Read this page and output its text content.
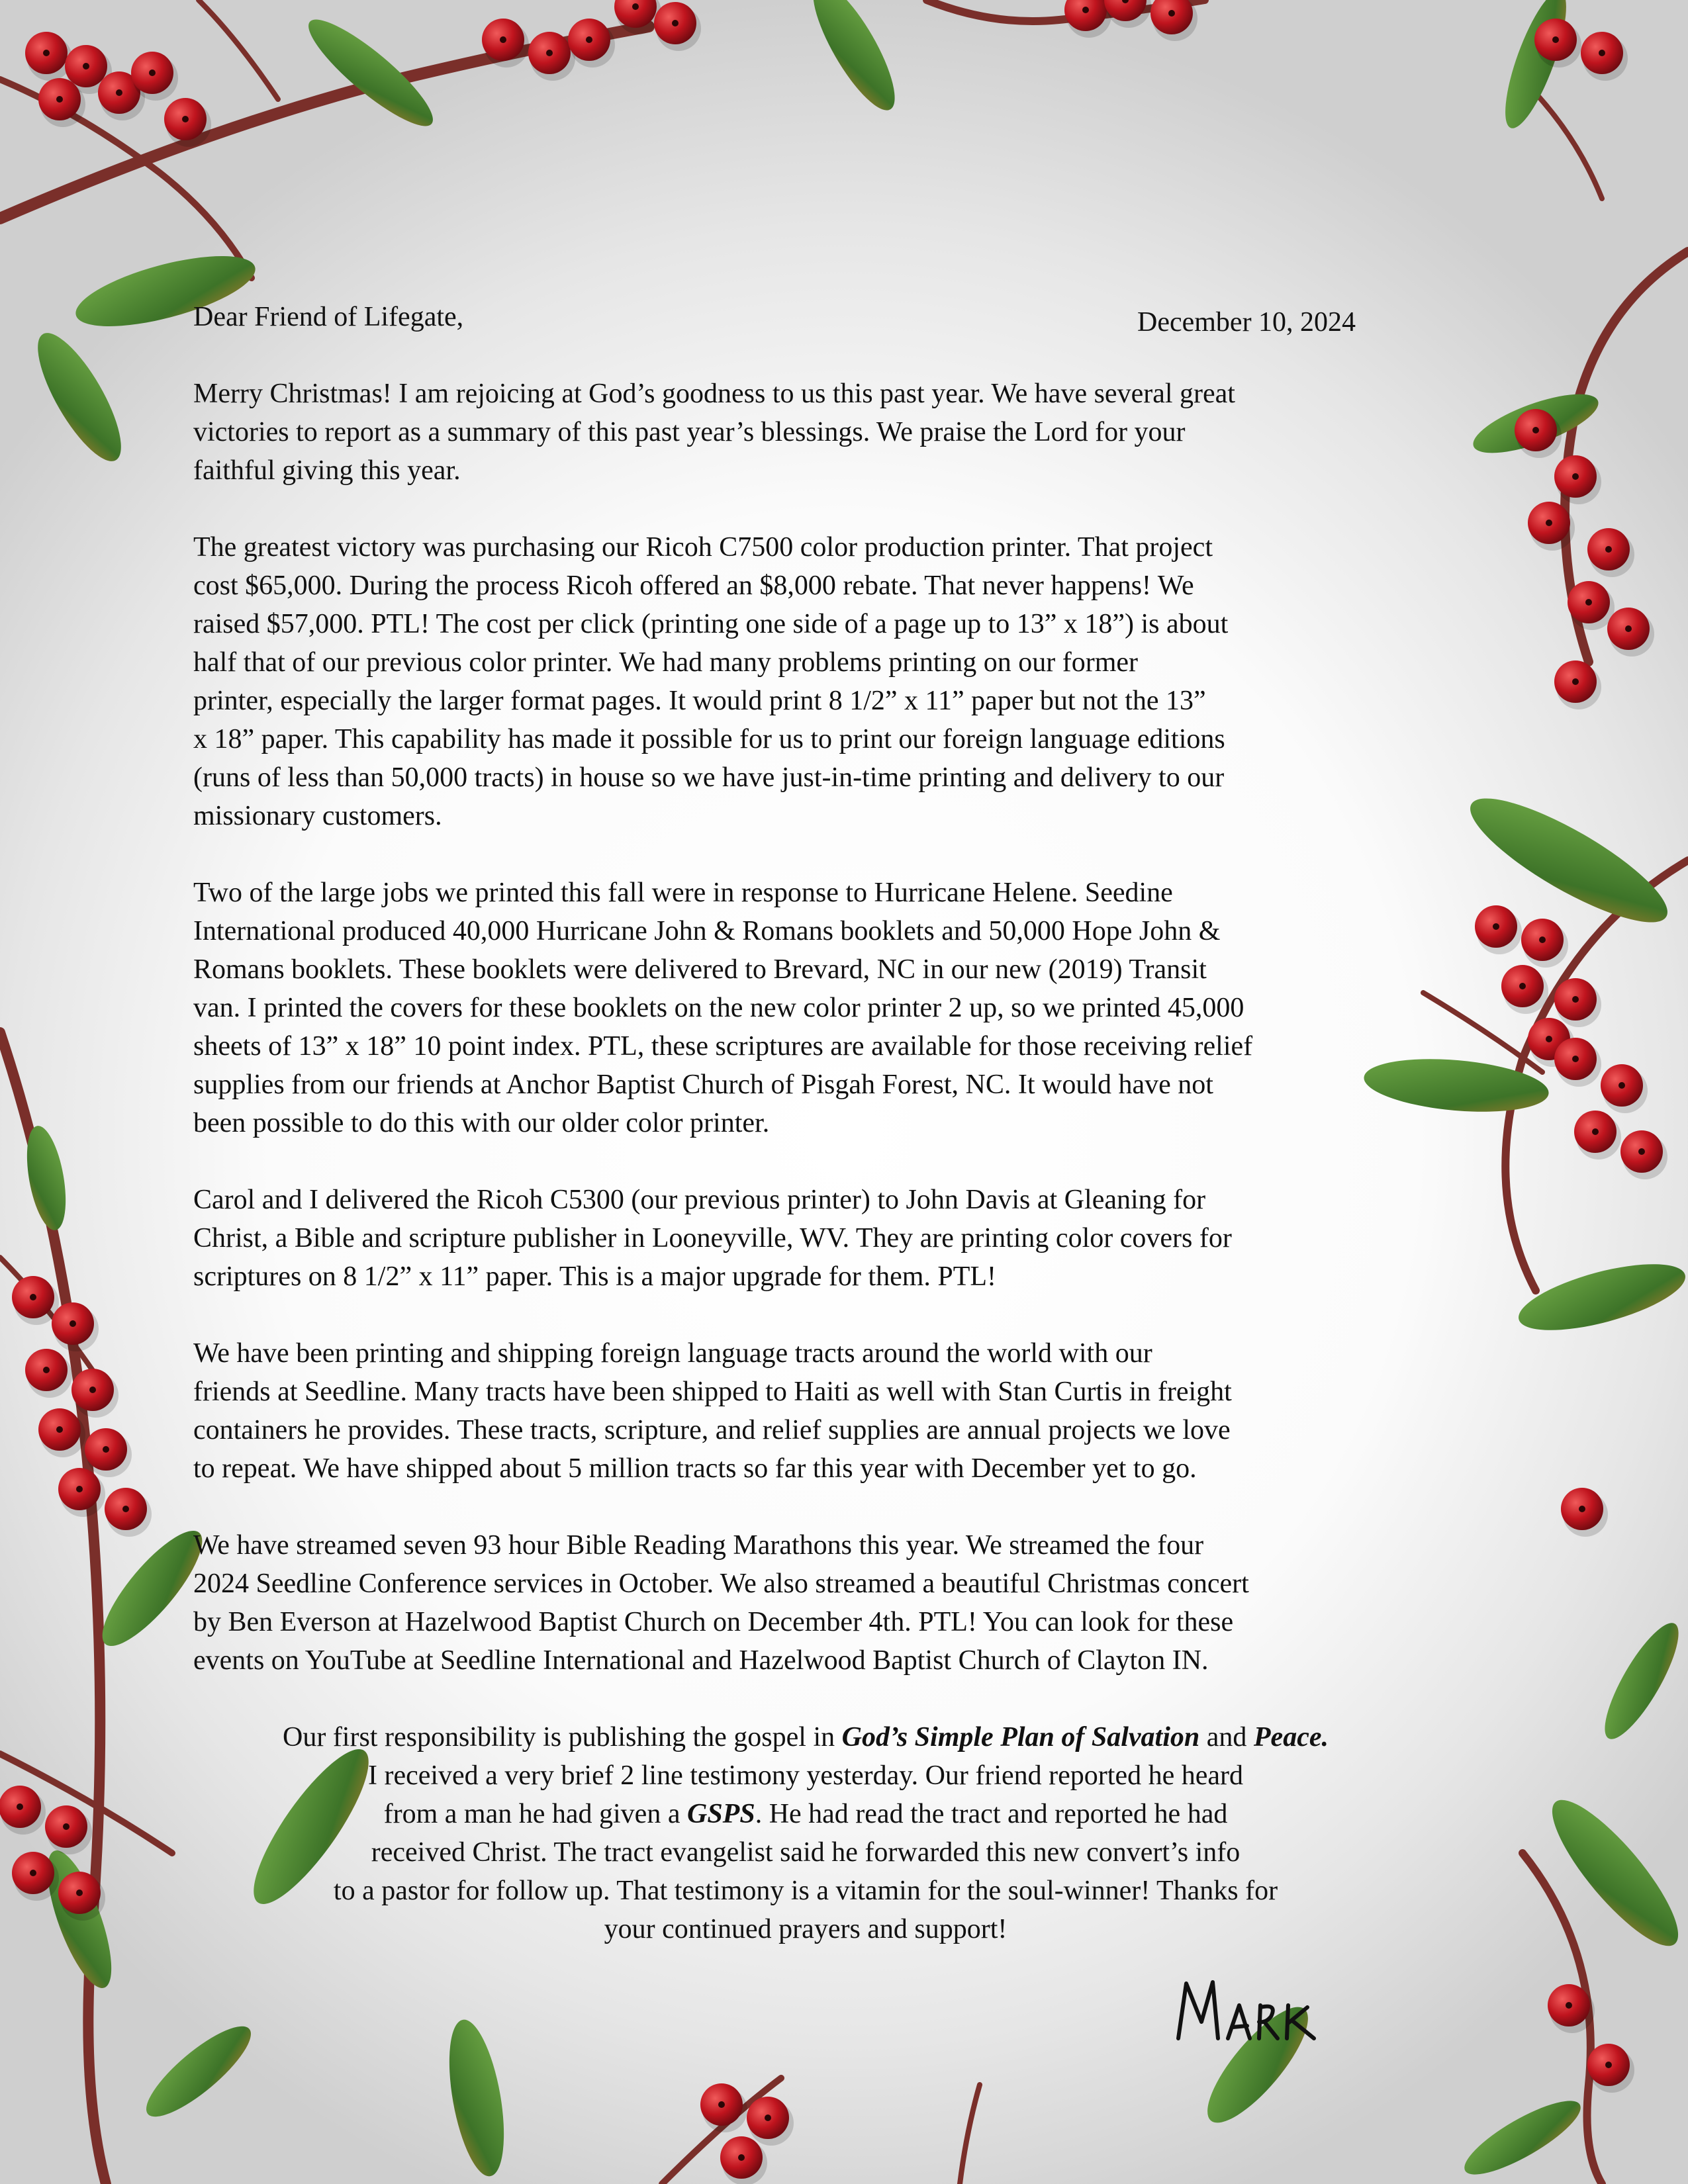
December 10, 2024

Dear Friend of Lifegate,

Merry Christmas! I am rejoicing at God’s goodness to us this past year. We have several great
victories to report as a summary of this past year’s blessings. We praise the Lord for your
faithful giving this year.

The greatest victory was purchasing our Ricoh C7500 color production printer. That project
cost $65,000. During the process Ricoh offered an $8,000 rebate. That never happens! We
raised $57,000. PTL! The cost per click (printing one side of a page up to 13” x 18”) is about
half that of our previous color printer. We had many problems printing on our former
printer, especially the larger format pages. It would print 8 1/2” x 11” paper but not the 13”
x 18” paper. This capability has made it possible for us to print our foreign language editions
(runs of less than 50,000 tracts) in house so we have just-in-time printing and delivery to our
missionary customers.

Two of the large jobs we printed this fall were in response to Hurricane Helene. Seedine
International produced 40,000 Hurricane John & Romans booklets and 50,000 Hope John &
Romans booklets. These booklets were delivered to Brevard, NC in our new (2019) Transit
van. I printed the covers for these booklets on the new color printer 2 up, so we printed 45,000
sheets of 13” x 18” 10 point index. PTL, these scriptures are available for those receiving relief
supplies from our friends at Anchor Baptist Church of Pisgah Forest, NC. It would have not
been possible to do this with our older color printer.

Carol and I delivered the Ricoh C5300 (our previous printer) to John Davis at Gleaning for
Christ, a Bible and scripture publisher in Looneyville, WV. They are printing color covers for
scriptures on 8 1/2” x 11” paper. This is a major upgrade for them. PTL!

We have been printing and shipping foreign language tracts around the world with our
friends at Seedline. Many tracts have been shipped to Haiti as well with Stan Curtis in freight
containers he provides. These tracts, scripture, and relief supplies are annual projects we love
to repeat. We have shipped about 5 million tracts so far this year with December yet to go.

We have streamed seven 93 hour Bible Reading Marathons this year. We streamed the four
2024 Seedline Conference services in October. We also streamed a beautiful Christmas concert
by Ben Everson at Hazelwood Baptist Church on December 4th. PTL! You can look for these
events on YouTube at Seedline International and Hazelwood Baptist Church of Clayton IN.

Our first responsibility is publishing the gospel in God’s Simple Plan of Salvation and Peace.
I received a very brief 2 line testimony yesterday. Our friend reported he heard
from a man he had given a GSPS. He had read the tract and reported he had
received Christ. The tract evangelist said he forwarded this new convert’s info
to a pastor for follow up. That testimony is a vitamin for the soul-winner! Thanks for
your continued prayers and support!
